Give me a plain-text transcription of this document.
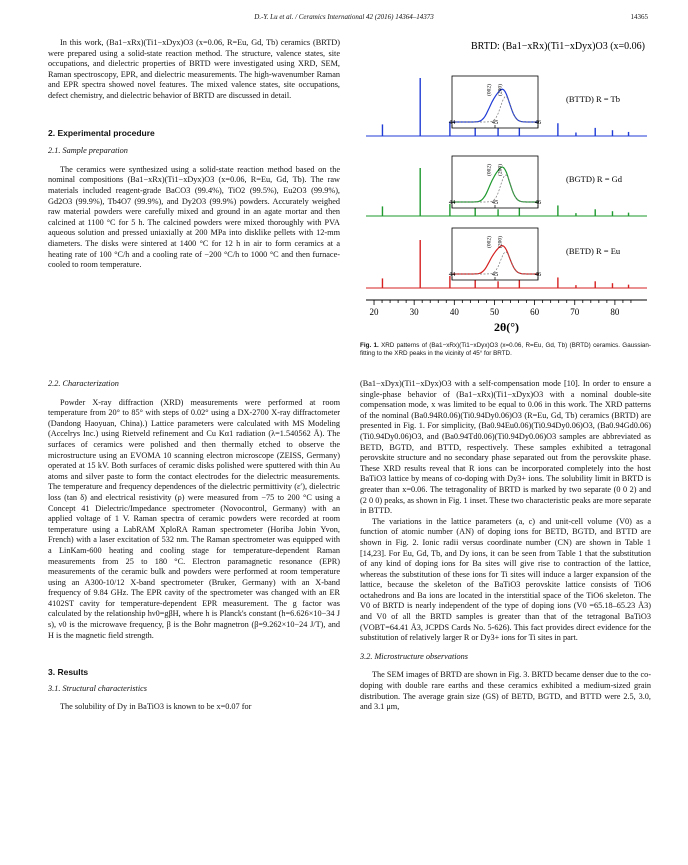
D.-Y. Lu et al. / Ceramics International 42 (2016) 14364–14373	14365

In this work, (Ba1−xRx)(Ti1−xDyx)O3 (x=0.06, R=Eu, Gd, Tb) ceramics (BRTD) were prepared using a solid-state reaction method. The structure, valence states, site occupations, and dielectric properties of BRTD were investigated using XRD, SEM, Raman spectroscopy, EPR, and dielectric measurements. The high-wavenumber Raman and EPR spectra showed novel features. The mixed valence states, site occupations, defect chemistry, and dielectric behavior of BRTD are discussed in detail.

2. Experimental procedure
2.1. Sample preparation

The ceramics were synthesized using a solid-state reaction method based on the nominal compositions (Ba1−xRx)(Ti1−xDyx)O3 (x=0.06, R=Eu, Gd, Tb). The raw materials included reagent-grade BaCO3 (99.4%), TiO2 (99.5%), Eu2O3 (99.9%), Gd2O3 (99.9%), Tb4O7 (99.9%), and Dy2O3 (99.9%) powders. Accurately weighed raw material powders were carefully mixed and ground in an agate mortar and then calcined at 1100 °C for 5 h. The calcined powders were mixed thoroughly with PVA aqueous solution and pressed uniaxially at 200 MPa into disklike pellets with 12-mm diameters. The disks were sintered at 1400 °C for 12 h in air to form ceramics at a heating rate of 100 °C/h and a cooling rate of −200 °C/h to 1000 °C and then furnace-cooled to room temperature.

2.2. Characterization

Powder X-ray diffraction (XRD) measurements were performed at room temperature from 20° to 85° with steps of 0.02° using a DX-2700 X-ray diffractometer (Dandong Haoyuan, China).) Lattice parameters were calculated with MS Modeling (Accelrys Inc.) using Rietveld refinement and Cu Kα1 radiation (λ=1.540562 Å). The surfaces of ceramics were polished and then thermally etched to observe the microstructure using an EVOMA 10 scanning electron microscope (ZEISS, Germany) operated at 15 kV. Both surfaces of ceramic disks polished were sputtered with thin Au atoms and silver paste to form the contact electrodes for the dielectric measurements. The temperature and frequency dependences of the dielectric permittivity (ε′), dielectric loss (tan δ) and electrical resistivity (ρ) were measured from −75 to 200 °C using a Concept 41 Dielectric/Impedance spectrometer (Novocontrol, Germany) with an applied voltage of 1 V. Raman spectra of ceramic powders were recorded at room temperature using a LabRAM XploRA Raman spectrometer (Horiba Jobin Yvon, French) with a laser excitation of 532 nm. The Raman spectrometer was equipped with a LinKam-600 heating and cooling stage for temperature-dependent Raman measurements from 25 to 180 °C. Electron paramagnetic resonance (EPR) measurements of the ceramic bulk and powders were performed at room temperature using an A300-10/12 X-band spectrometer (Bruker, Germany) with an X-band frequency of 9.84 GHz. The EPR cavity of the spectrometer was changed with an ER 4102ST cavity for temperature-dependent EPR measurement. The g factor was calculated by the relationship hν0=gβH, where h is Planck's constant (h=6.626×10−34 J s), ν0 is the microwave frequency, β is the Bohr magnetron (β=9.262×10−24 J/T), and H is the magnetic field strength.

3. Results
3.1. Structural characteristics

The solubility of Dy in BaTiO3 is known to be x=0.07 for

BRTD: (Ba1−xRx)(Ti1−xDyx)O3 (x=0.06)
44	45	46
(002) (200)
(BTTD) R = Tb
44	45	46
(002) (200)
(BGTD) R = Gd
44	45	46
(002) (200)
(BETD) R = Eu
20	30	40	50	60	70	80
2θ(°)
Fig. 1. XRD patterns of (Ba1−xRx)(Ti1−xDyx)O3 (x=0.06, R=Eu, Gd, Tb) (BRTD) ceramics. Gaussian-fitting to the XRD peaks in the vicinity of 45° for BRTD.

(Ba1−xDyx)(Ti1−xDyx)O3 with a self-compensation mode [10]. In order to ensure a single-phase behavior of (Ba1−xRx)(Ti1−xDyx)O3 with a nominal double-site compensation mode, x was limited to be equal to 0.06 in this work. The XRD patterns of the nominal (Ba0.94R0.06)(Ti0.94Dy0.06)O3 (R=Eu, Gd, Tb) ceramics (BRTD) are presented in Fig. 1. For simplicity, (Ba0.94Eu0.06)(Ti0.94Dy0.06)O3, (Ba0.94Gd0.06)(Ti0.94Dy0.06)O3, and (Ba0.94Td0.06)(Ti0.94Dy0.06)O3 samples are abbreviated as BETD, BGTD, and BTTD, respectively. These samples exhibited a tetragonal perovskite structure and no secondary phase separated out from the perovskite phase. These XRD results reveal that R ions can be incorporated completely into the host BaTiO3 lattice by means of co-doping with Dy3+ ions. The solubility limit in BRTD is greater than x=0.06. The tetragonality of BRTD is marked by two separate (0 0 2) and (2 0 0) peaks, as shown in Fig. 1 inset. These two characteristic peaks are more separate in BTTD.

The variations in the lattice parameters (a, c) and unit-cell volume (V0) as a function of atomic number (AN) of doping ions for BETD, BGTD, and BTTD are shown in Fig. 2. Ionic radii versus coordinate number (CN) are shown in Table 1 [14,23]. For Eu, Gd, Tb, and Dy ions, it can be seen from Table 1 that the substitution of any kind of doping ions for Ba sites will give rise to contraction of the lattice, whereas the substitution of these ions for Ti sites will induce a larger expansion of the lattice, because the skeleton of the BaTiO3 perovskite lattice consists of TiO6 octahedrons and Ba ions are located in the interstitial space of the TiO6 skeleton. The V0 of BRTD is nearly independent of the type of doping ions (V0 =65.18–65.23 Å3) and V0 of all the BRTD samples is greater than that of the tetragonal BaTiO3 (VOBT=64.41 Å3, JCPDS Cards No. 5-626). This fact provides direct evidence for the substitution of relatively larger R or Dy3+ ions for Ti sites in part.

3.2. Microstructure observations

The SEM images of BRTD are shown in Fig. 3. BRTD became denser due to the co-doping with double rare earths and these ceramics exhibited a medium-sized grain distribution. The average grain size (GS) of BETD, BGTD, and BTTD were 2.5, 3.0, and 3.1 μm,
